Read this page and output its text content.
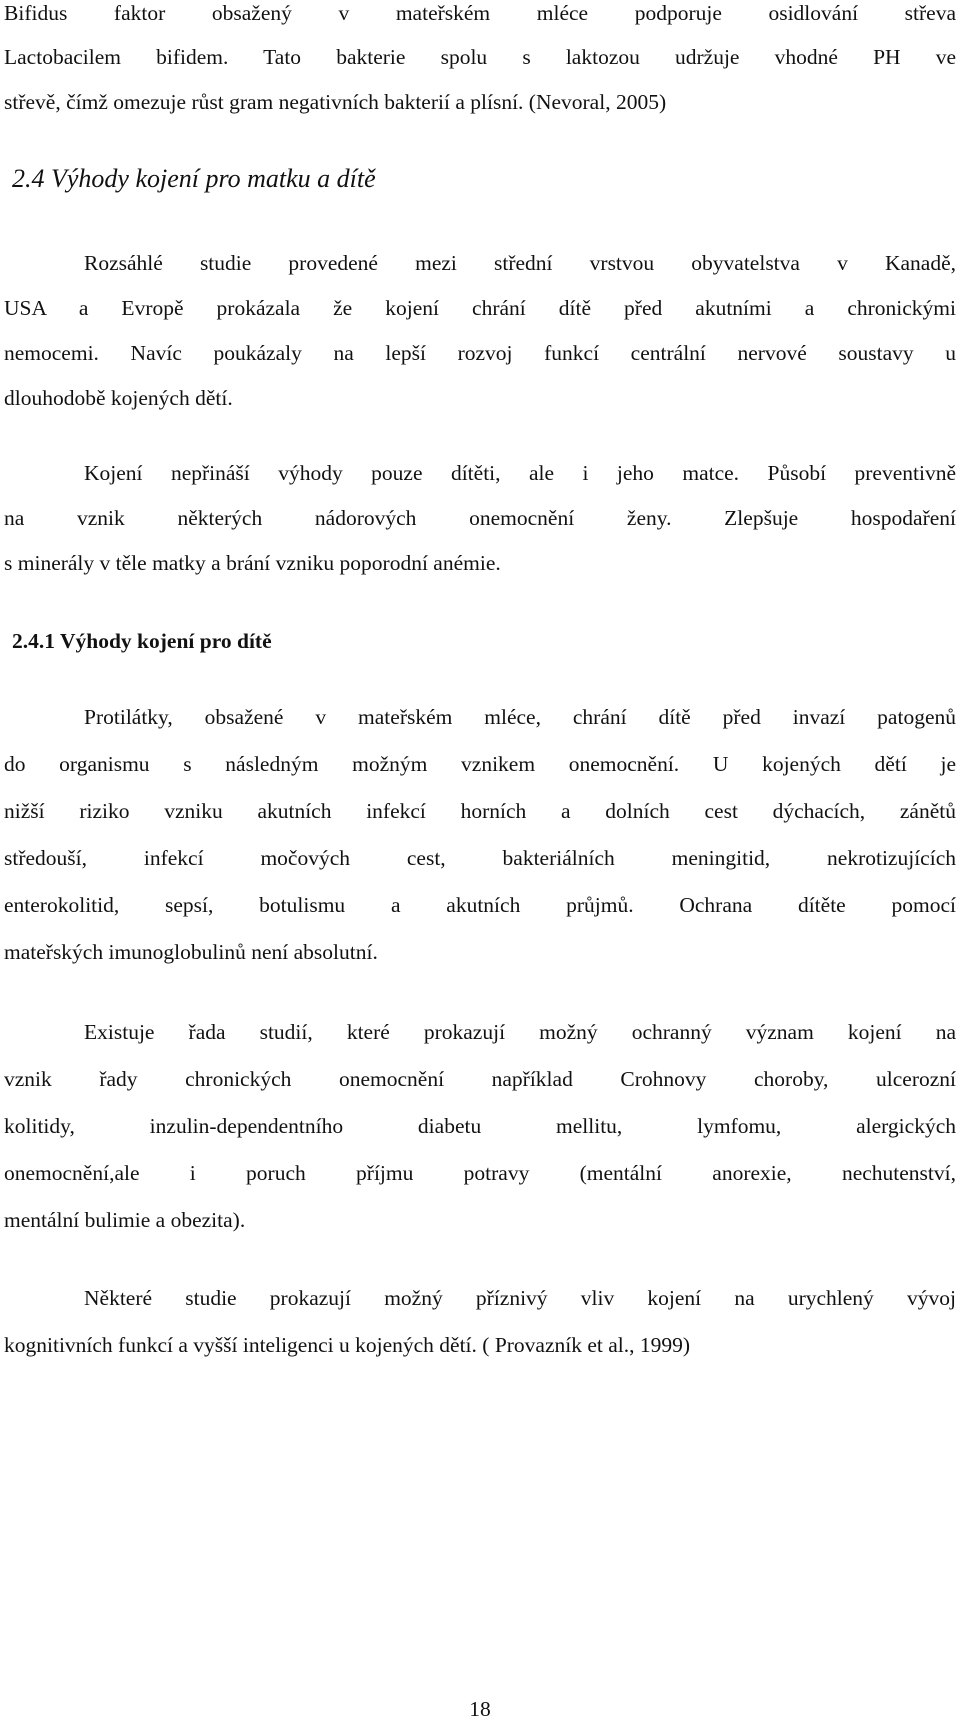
Bifidus faktor obsažený v mateřském mléce podporuje osidlování střeva
Lactobacilem bifidem. Tato bakterie spolu s laktozou udržuje vhodné PH ve
střevě, čímž omezuje růst gram negativních bakterií a plísní. (Nevoral, 2005)
2.4 Výhody kojení pro matku a dítě
Rozsáhlé studie provedené mezi střední vrstvou obyvatelstva v Kanadě,
USA a Evropě prokázala že kojení chrání dítě před akutními a chronickými
nemocemi. Navíc poukázaly na lepší rozvoj funkcí centrální nervové soustavy u
dlouhodobě kojených dětí.
Kojení nepřináší výhody pouze dítěti, ale i jeho matce. Působí preventivně
na vznik některých nádorových onemocnění ženy. Zlepšuje hospodaření
s minerály v těle matky a brání vzniku poporodní anémie.
2.4.1 Výhody kojení pro dítě
Protilátky, obsažené v mateřském mléce, chrání dítě před invazí patogenů
do organismu s následným možným vznikem onemocnění. U kojených dětí je
nižší riziko vzniku akutních infekcí horních a dolních cest dýchacích, zánětů
středouší, infekcí močových cest, bakteriálních meningitid, nekrotizujících
enterokolitid, sepsí, botulismu a akutních průjmů. Ochrana dítěte pomocí
mateřských imunoglobulinů není absolutní.
Existuje řada studií, které prokazují možný ochranný význam kojení na
vznik řady chronických onemocnění například Crohnovy choroby, ulcerozní
kolitidy, inzulin-dependentního diabetu mellitu, lymfomu, alergických
onemocnění,ale i poruch příjmu potravy (mentální anorexie, nechutenství,
mentální bulimie a obezita).
Některé studie prokazují možný příznivý vliv kojení na urychlený vývoj
kognitivních funkcí a vyšší inteligenci u kojených dětí. ( Provazník et al., 1999)
18
